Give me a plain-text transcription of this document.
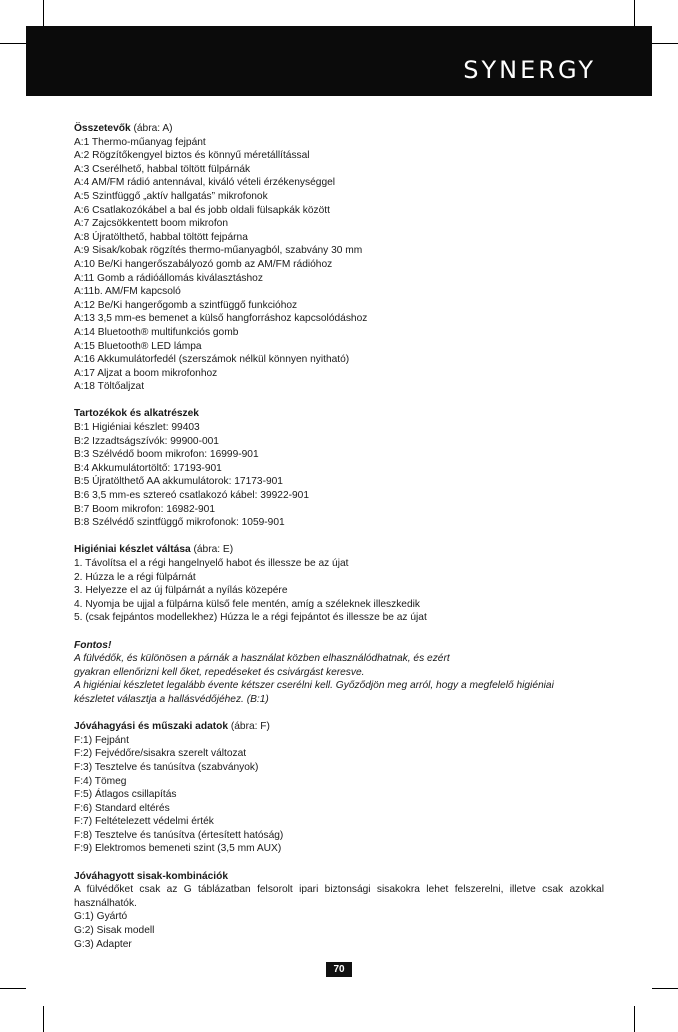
SYNERGY
Összetevők (ábra: A)
A:1 Thermo-műanyag fejpánt
A:2 Rögzítőkengyel biztos és könnyű méretállítással
A:3 Cserélhető, habbal töltött fülpárnák
A:4 AM/FM rádió antennával, kiváló vételi érzékenységgel
A:5 Szintfüggő „aktív hallgatás” mikrofonok
A:6 Csatlakozókábel a bal és jobb oldali fülsapkák között
A:7 Zajcsökkentett boom mikrofon
A:8 Újratölthető, habbal töltött fejpárna
A:9 Sisak/kobak rögzítés thermo-műanyagból, szabvány 30 mm
A:10 Be/Ki hangerőszabályozó gomb az AM/FM rádióhoz
A:11 Gomb a rádióállomás kiválasztáshoz
A:11b. AM/FM kapcsoló
A:12 Be/Ki hangerőgomb a szintfüggő funkcióhoz
A:13 3,5 mm-es bemenet a külső hangforráshoz kapcsolódáshoz
A:14 Bluetooth® multifunkciós gomb
A:15 Bluetooth® LED lámpa
A:16 Akkumulátorfedél (szerszámok nélkül könnyen nyitható)
A:17 Aljzat a boom mikrofonhoz
A:18 Töltőaljzat
Tartozékok és alkatrészek
B:1 Higiéniai készlet: 99403
B:2 Izzadtságszívók: 99900-001
B:3 Szélvédő boom mikrofon: 16999-901
B:4 Akkumulátortöltő: 17193-901
B:5 Újratölthető AA akkumulátorok: 17173-901
B:6 3,5 mm-es sztereó csatlakozó kábel: 39922-901
B:7 Boom mikrofon: 16982-901
B:8 Szélvédő szintfüggő mikrofonok: 1059-901
Higiéniai készlet váltása (ábra: E)
1. Távolítsa el a régi hangelnyelő habot és illessze be az újat
2. Húzza le a régi fülpárnát
3. Helyezze el az új fülpárnát a nyílás közepére
4. Nyomja be ujjal a fülpárna külső fele mentén, amíg a széleknek illeszkedik
5. (csak fejpántos modellekhez) Húzza le a régi fejpántot és illessze be az újat
Fontos!
A fülvédők, és különösen a párnák a használat közben elhasználódhatnak, és ezért
gyakran ellenőrizni kell őket, repedéseket és csivárgást keresve.
A higiéniai készletet legalább évente kétszer cserélni kell. Győződjön meg arról, hogy a megfelelő higiéniai
készletet választja a hallásvédőjéhez. (B:1)
Jóváhagyási és műszaki adatok (ábra: F)
F:1) Fejpánt
F:2) Fejvédőre/sisakra szerelt változat
F:3) Tesztelve és tanúsítva (szabványok)
F:4) Tömeg
F:5) Átlagos csillapítás
F:6) Standard eltérés
F:7) Feltételezett védelmi érték
F:8) Tesztelve és tanúsítva (értesített hatóság)
F:9) Elektromos bemeneti szint (3,5 mm AUX)
Jóváhagyott sisak-kombinációk
A fülvédőket csak az G táblázatban felsorolt ipari biztonsági sisakokra lehet felszerelni, illetve csak azokkal használhatók.
G:1) Gyártó
G:2) Sisak modell
G:3) Adapter
70
